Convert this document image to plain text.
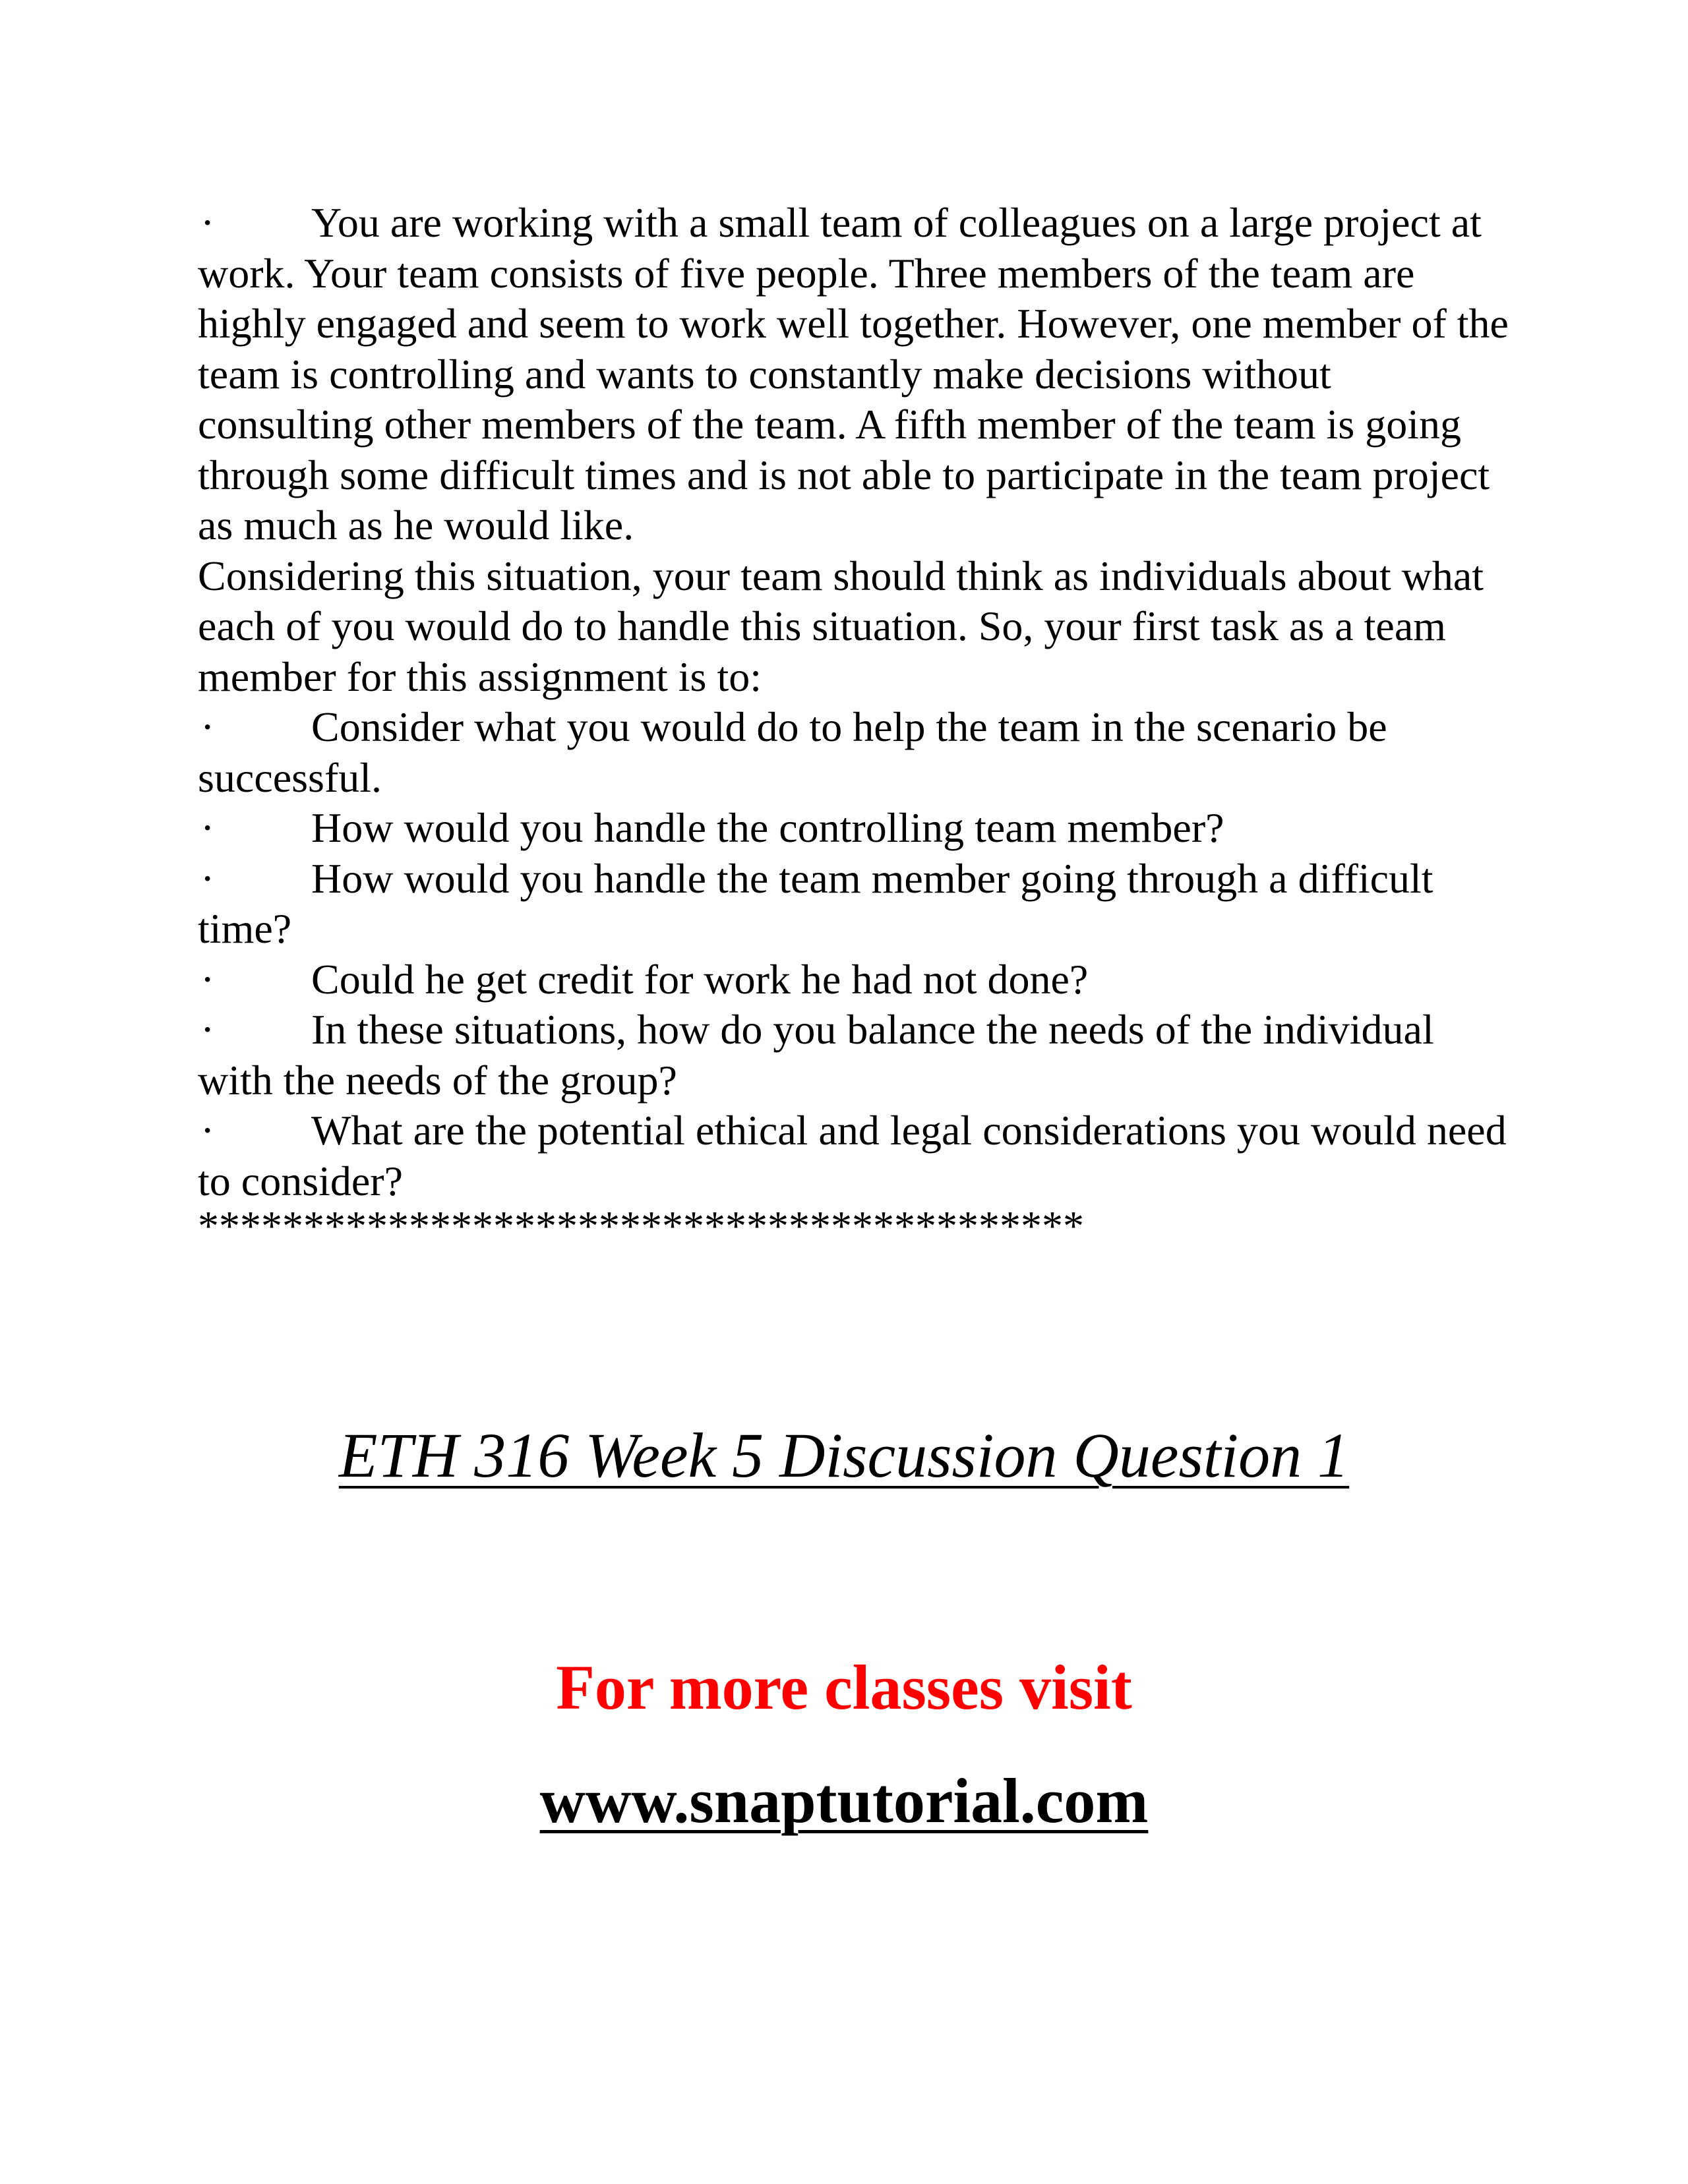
· You are working with a small team of colleagues on a large project at work. Your team consists of five people. Three members of the team are highly engaged and seem to work well together. However, one member of the team is controlling and wants to constantly make decisions without consulting other members of the team. A fifth member of the team is going through some difficult times and is not able to participate in the team project as much as he would like.

Considering this situation, your team should think as individuals about what each of you would do to handle this situation. So, your first task as a team member for this assignment is to:

· Consider what you would do to help the team in the scenario be successful.

· How would you handle the controlling team member?

· How would you handle the team member going through a difficult time?

· Could he get credit for work he had not done?

· In these situations, how do you balance the needs of the individual with the needs of the group?

· What are the potential ethical and legal considerations you would need to consider?

******************************************

ETH 316 Week 5 Discussion Question 1

For more classes visit

www.snaptutorial.com
